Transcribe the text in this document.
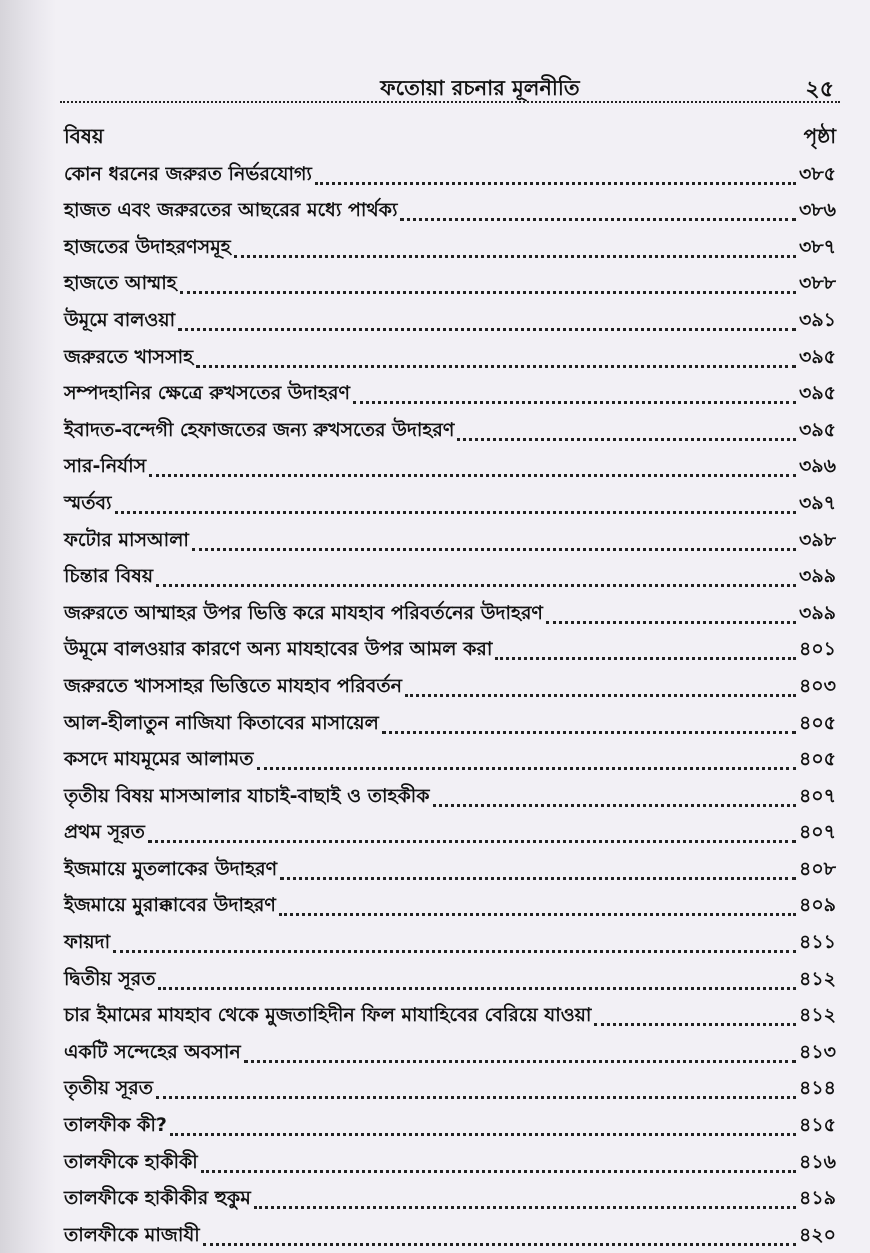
ফতোয়া রচনার মূলনীতি	২৫
বিষয়	পৃষ্ঠা
কোন ধরনের জরুরত নির্ভরযোগ্য	৩৮৫
হাজত এবং জরুরতের আছরের মধ্যে পার্থক্য	৩৮৬
হাজতের উদাহরণসমূহ	৩৮৭
হাজতে আম্মাহ	৩৮৮
উমূমে বালওয়া	৩৯১
জরুরতে খাসসাহ	৩৯৫
সম্পদহানির ক্ষেত্রে রুখসতের উদাহরণ	৩৯৫
ইবাদত-বন্দেগী হেফাজতের জন্য রুখসতের উদাহরণ	৩৯৫
সার-নির্যাস	৩৯৬
স্মর্তব্য	৩৯৭
ফটোর মাসআলা	৩৯৮
চিন্তার বিষয়	৩৯৯
জরুরতে আম্মাহর উপর ভিত্তি করে মাযহাব পরিবর্তনের উদাহরণ	৩৯৯
উমূমে বালওয়ার কারণে অন্য মাযহাবের উপর আমল করা	৪০১
জরুরতে খাসসাহর ভিত্তিতে মাযহাব পরিবর্তন	৪০৩
আল-হীলাতুন নাজিযা কিতাবের মাসায়েল	৪০৫
কসদে মাযমূমের আলামত	৪০৫
তৃতীয় বিষয় মাসআলার যাচাই-বাছাই ও তাহকীক	৪০৭
প্রথম সূরত	৪০৭
ইজমায়ে মুতলাকের উদাহরণ	৪০৮
ইজমায়ে মুরাক্কাবের উদাহরণ	৪০৯
ফায়দা	৪১১
দ্বিতীয় সূরত	৪১২
চার ইমামের মাযহাব থেকে মুজতাহিদীন ফিল মাযাহিবের বেরিয়ে যাওয়া	৪১২
একটি সন্দেহের অবসান	৪১৩
তৃতীয় সূরত	৪১৪
তালফীক কী?	৪১৫
তালফীকে হাকীকী	৪১৬
তালফীকে হাকীকীর হুকুম	৪১৯
তালফীকে মাজাযী	৪২০
